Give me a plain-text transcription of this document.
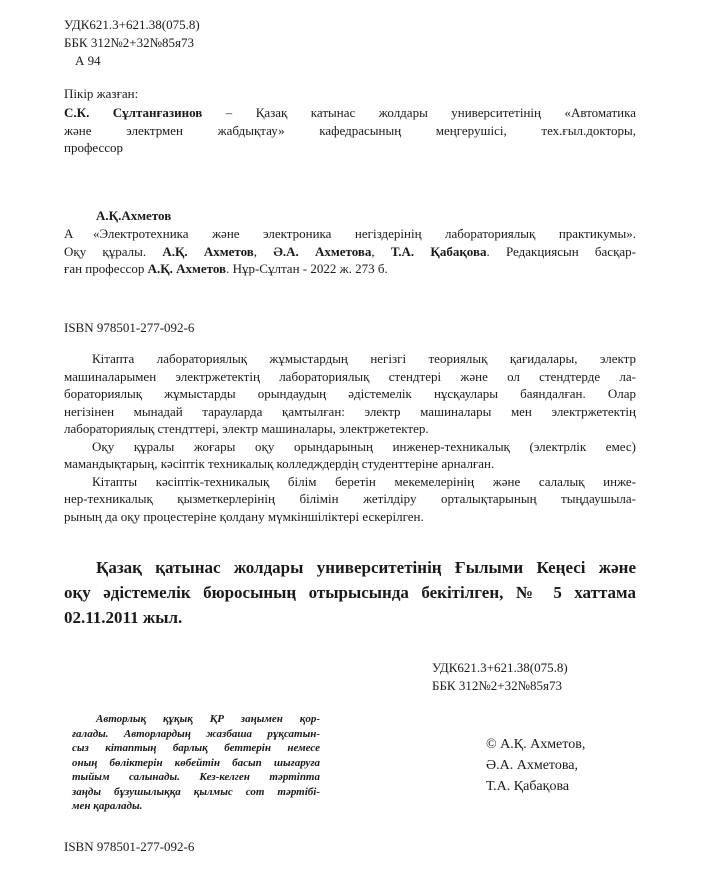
УДК621.3+621.38(075.8)
ББК 312№2+32№85я73
А 94
Пікір жазған:
С.К. Сұлтанғазинов – Қазақ катынас жолдары университетінің «Автоматика
және электрмен жабдықтау» кафедрасының меңгерушісі, тех.ғыл.докторы,
профессор
А.Қ.Ахметов
А	«Электротехника және электроника негіздерінің лабораториялық практикумы».
Оқу құралы. А.Қ. Ахметов, Ә.А. Ахметова, Т.А. Қабақова. Редакциясын басқар-
ған профессор А.Қ. Ахметов. Нұр-Сұлтан - 2022 ж. 273 б.
ISBN 978501-277-092-6
Кітапта лабораториялық жұмыстардың негізгі теориялық қағидалары, электр
машиналарымен электржетектің лабораториялық стендтері және ол стендтерде ла-
бораториялық жұмыстарды орындаудың әдістемелік нұсқаулары баяндалған. Олар
негізінен мынадай тарауларда қамтылған: электр машиналары мен электржетектің
лабораториялық стендттері, электр машиналары, электржетектер.
Оқу құралы жоғары оқу орындарының инженер-техникалық (электрлік емес)
мамандықтарың, кәсіптік техникалық колледждердің студенттеріне арналған.
Кітапты кәсіптік-техникалық білім беретін мекемелерінің және салалық инже-
нер-техникалық қызметкерлерінің білімін жетілдіру орталықтарының тыңдаушыла-
рының да оқу процестеріне қолдану мүмкіншіліктері ескерілген.
Қазақ қатынас жолдары университетінің Ғылыми Кеңесі және
оқу әдістемелік бюросының отырысында бекітілген, № 5 хаттама
02.11.2011 жыл.
УДК621.3+621.38(075.8)
ББК 312№2+32№85я73
Авторлық құқық ҚР заңымен қор-
ғалады. Авторлардың жазбаша рұқсатын-
сыз кітаптың барлық беттерін немесе
оның бөліктерін көбейтін басып шығаруға
тыйым салынады. Кез-келген тәртіпта
заңды бұзушылыққа қылмыс сот тәртібі-
мен қаралады.
© А.Қ. Ахметов,
Ә.А. Ахметова,
Т.А. Қабақова
ISBN 978501-277-092-6
